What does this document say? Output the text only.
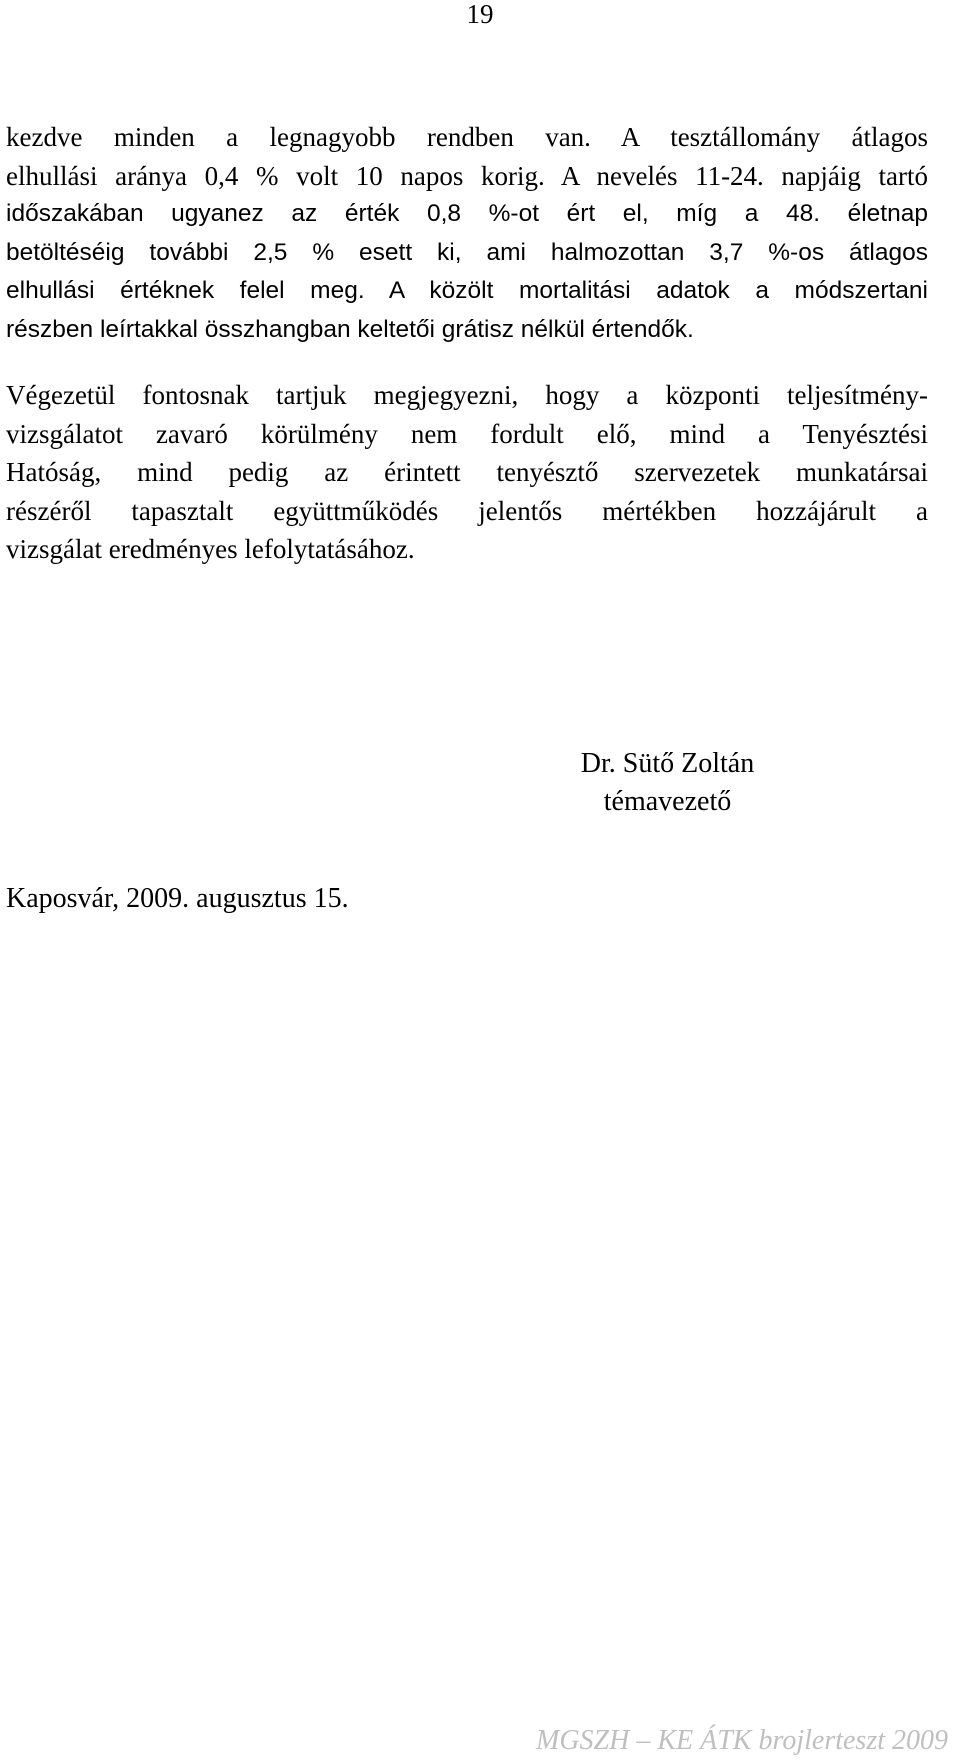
19

kezdve minden a legnagyobb rendben van. A tesztállomány átlagos
elhullási aránya 0,4 % volt 10 napos korig. A nevelés 11-24. napjáig tartó
időszakában ugyanez az érték 0,8 %-ot ért el, míg a 48. életnap
betöltéséig további 2,5 % esett ki, ami halmozottan 3,7 %-os átlagos
elhullási értéknek felel meg. A közölt mortalitási adatok a módszertani
részben leírtakkal összhangban keltetői grátisz nélkül értendők.

Végezetül fontosnak tartjuk megjegyezni, hogy a központi teljesítmény-
vizsgálatot zavaró körülmény nem fordult elő, mind a Tenyésztési
Hatóság, mind pedig az érintett tenyésztő szervezetek munkatársai
részéről tapasztalt együttműködés jelentős mértékben hozzájárult a
vizsgálat eredményes lefolytatásához.

Dr. Sütő Zoltán
témavezető
Kaposvár, 2009. augusztus 15.
MGSZH – KE ÁTK brojlerteszt 2009
